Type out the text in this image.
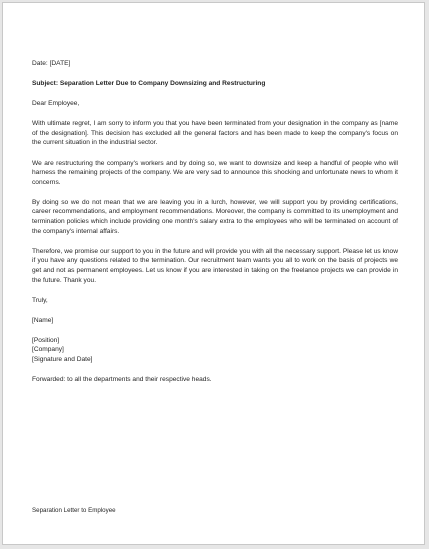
Date: [DATE]

Subject: Separation Letter Due to Company Downsizing and Restructuring

Dear Employee,

With ultimate regret, I am sorry to inform you that you have been terminated from your designation in the company as [name of the designation]. This decision has excluded all the general factors and has been made to keep the company's focus on the current situation in the industrial sector.

We are restructuring the company's workers and by doing so, we want to downsize and keep a handful of people who will harness the remaining projects of the company. We are very sad to announce this shocking and unfortunate news to whom it concerns.

By doing so we do not mean that we are leaving you in a lurch, however, we will support you by providing certifications, career recommendations, and employment recommendations. Moreover, the company is committed to its unemployment and termination policies which include providing one month's salary extra to the employees who will be terminated on account of the company's internal affairs.

Therefore, we promise our support to you in the future and will provide you with all the necessary support. Please let us know if you have any questions related to the termination. Our recruitment team wants you all to work on the basis of projects we get and not as permanent employees. Let us know if you are interested in taking on the freelance projects we can provide in the future. Thank you.

Truly,

[Name]

[Position]
[Company]
[Signature and Date]

Forwarded: to all the departments and their respective heads.

Separation Letter to Employee
